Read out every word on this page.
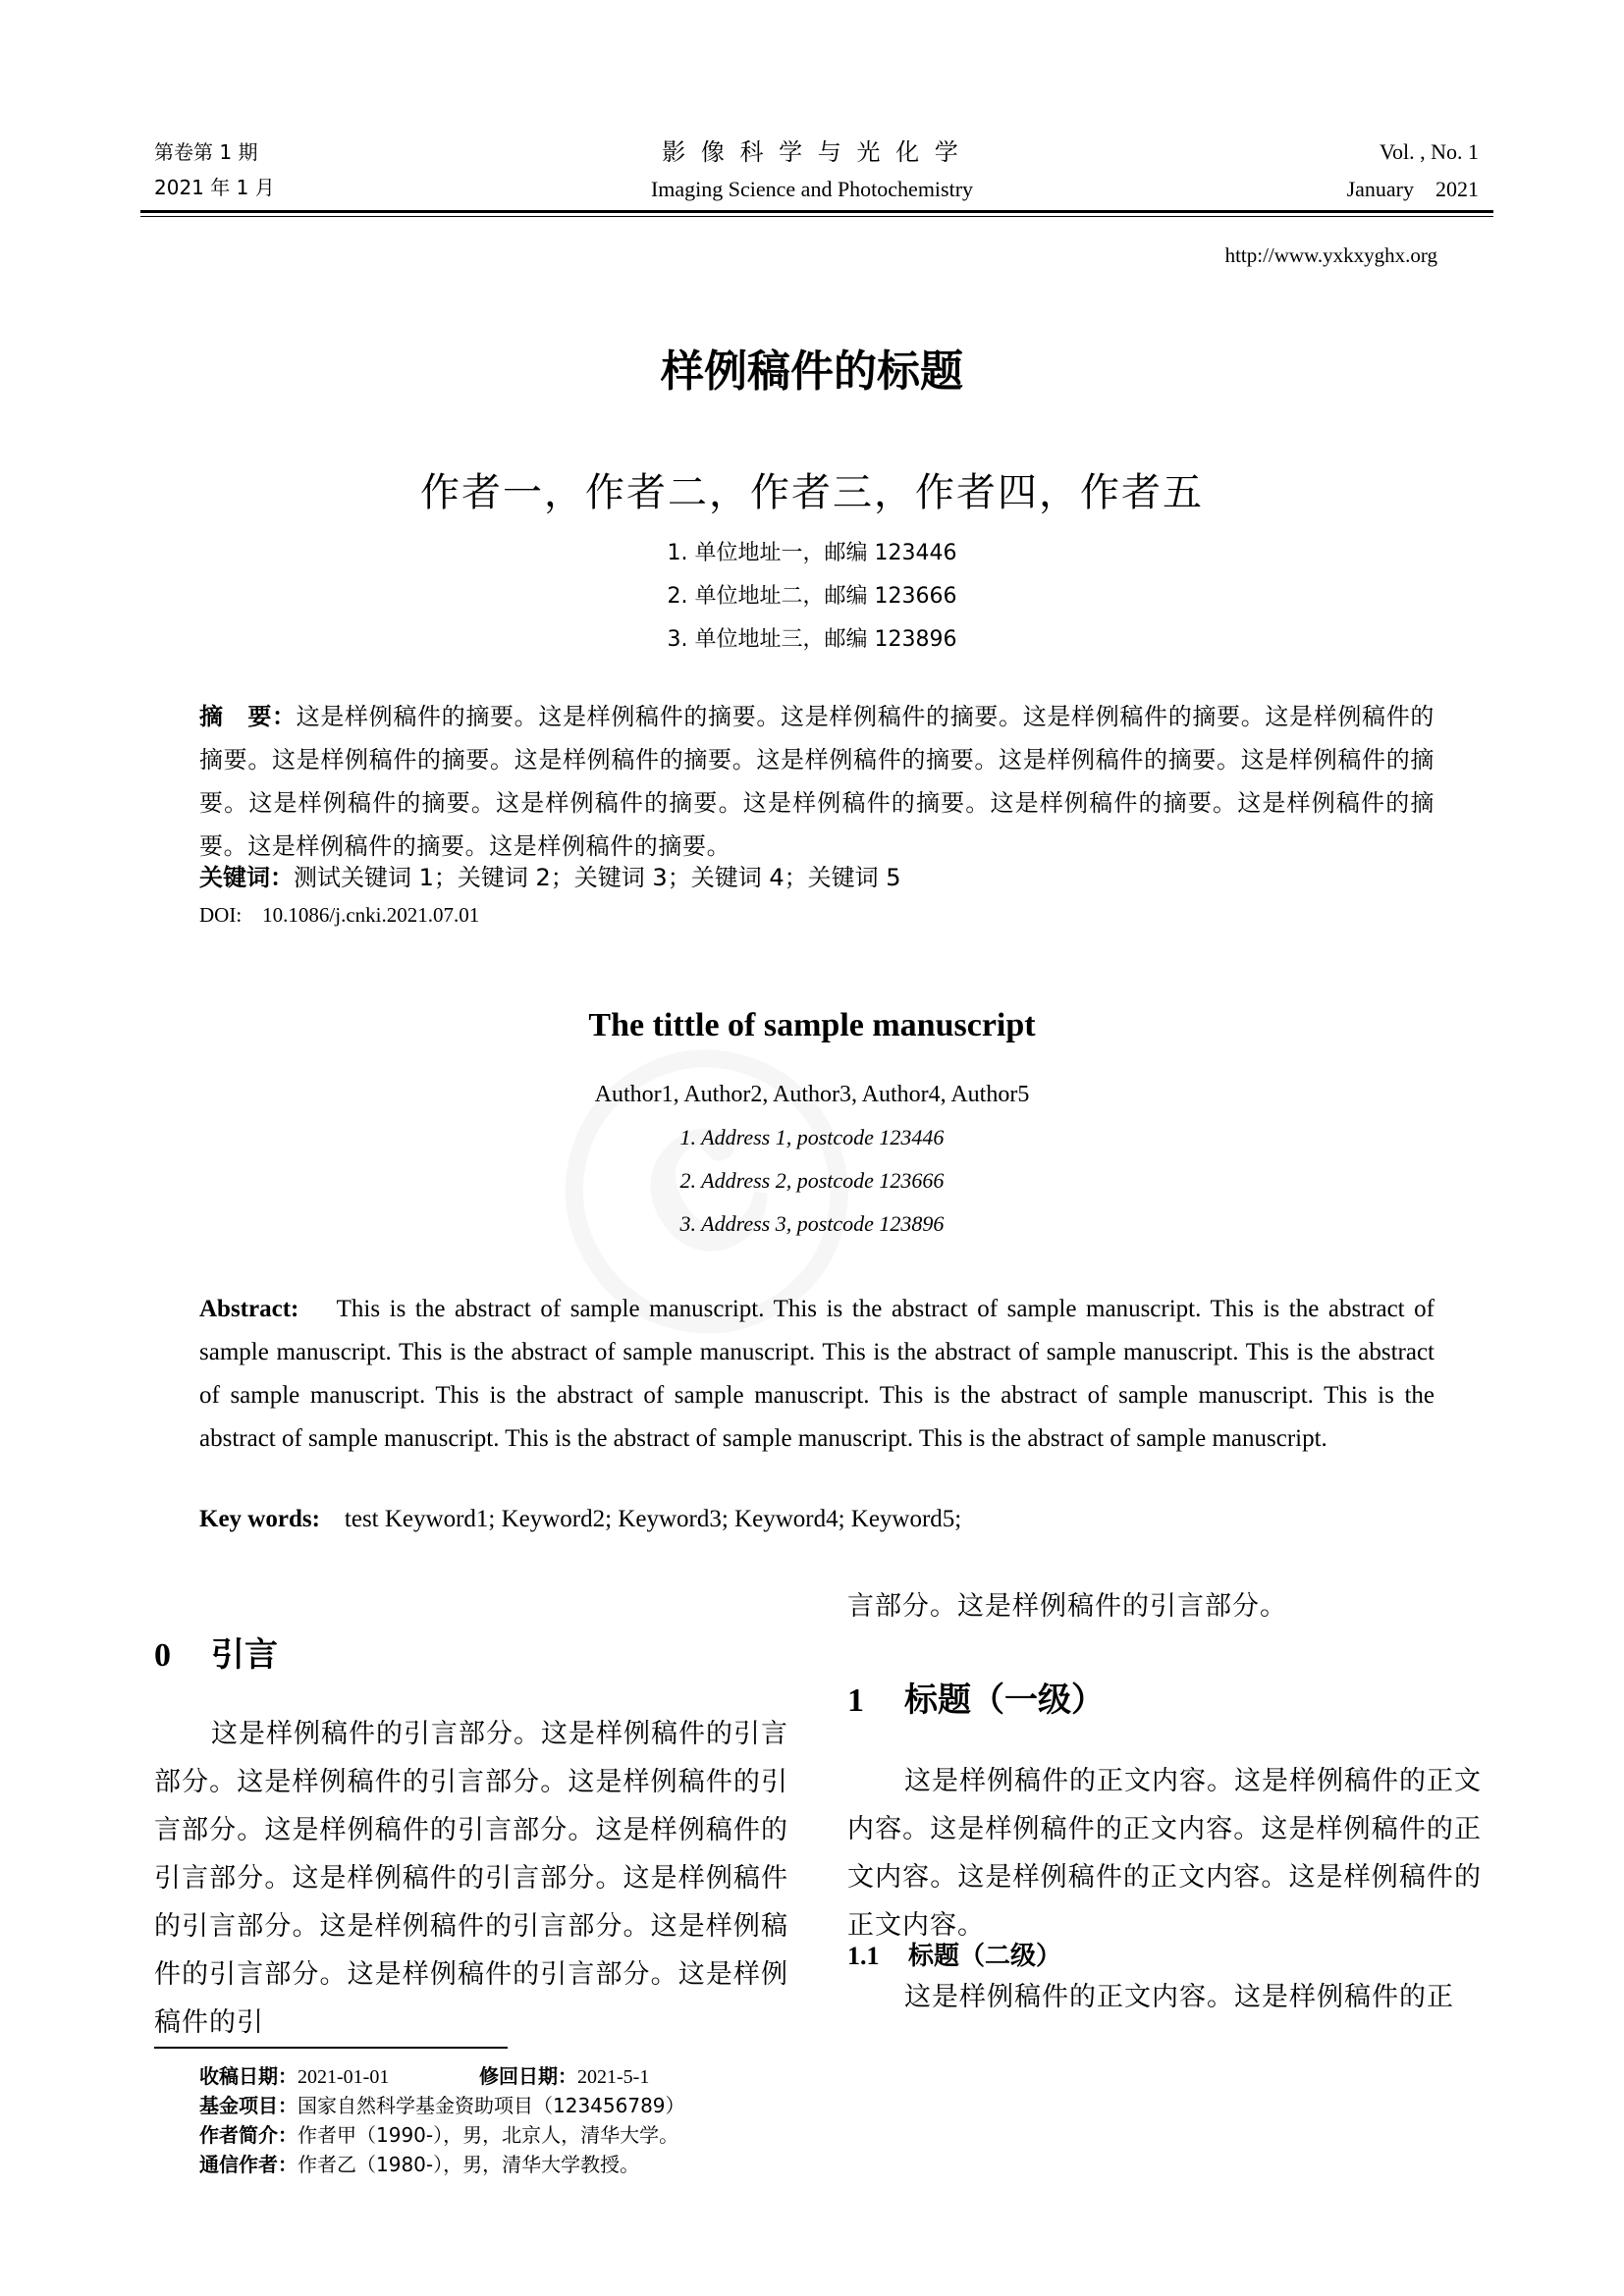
第卷第 1 期
2021 年 1 月
影 像 科 学 与 光 化 学
Imaging Science and Photochemistry
Vol. , No. 1
January    2021
http://www.yxkxyghx.org
样例稿件的标题
作者一，作者二，作者三，作者四，作者五
1. 单位地址一，邮编 123446
2. 单位地址二，邮编 123666
3. 单位地址三，邮编 123896
摘　要：这是样例稿件的摘要。这是样例稿件的摘要。这是样例稿件的摘要。这是样例稿件的摘要。这是样例稿件的摘要。这是样例稿件的摘要。这是样例稿件的摘要。这是样例稿件的摘要。这是样例稿件的摘要。这是样例稿件的摘要。这是样例稿件的摘要。这是样例稿件的摘要。这是样例稿件的摘要。这是样例稿件的摘要。这是样例稿件的摘要。这是样例稿件的摘要。这是样例稿件的摘要。
关键词：测试关键词 1；关键词 2；关键词 3；关键词 4；关键词 5
DOI: 10.1086/j.cnki.2021.07.01
The tittle of sample manuscript
Author1, Author2, Author3, Author4, Author5
1. Address 1, postcode 123446
2. Address 2, postcode 123666
3. Address 3, postcode 123896
Abstract: This is the abstract of sample manuscript. This is the abstract of sample manuscript. This is the abstract of sample manuscript. This is the abstract of sample manuscript. This is the abstract of sample manuscript. This is the abstract of sample manuscript. This is the abstract of sample manuscript. This is the abstract of sample manuscript. This is the abstract of sample manuscript. This is the abstract of sample manuscript. This is the abstract of sample manuscript.
Key words: test Keyword1; Keyword2; Keyword3; Keyword4; Keyword5;
0 引言
这是样例稿件的引言部分。这是样例稿件的引言部分。这是样例稿件的引言部分。这是样例稿件的引言部分。这是样例稿件的引言部分。这是样例稿件的引言部分。这是样例稿件的引言部分。这是样例稿件的引言部分。这是样例稿件的引言部分。这是样例稿件的引言部分。这是样例稿件的引言部分。这是样例稿件的引
言部分。这是样例稿件的引言部分。
1 标题（一级）
这是样例稿件的正文内容。这是样例稿件的正文内容。这是样例稿件的正文内容。这是样例稿件的正文内容。这是样例稿件的正文内容。这是样例稿件的正文内容。
1.1 标题（二级）
这是样例稿件的正文内容。这是样例稿件的正
收稿日期：2021-01-01	修回日期：2021-5-1
基金项目：国家自然科学基金资助项目（123456789）
作者简介：作者甲（1990-），男，北京人，清华大学。
通信作者：作者乙（1980-），男，清华大学教授。
